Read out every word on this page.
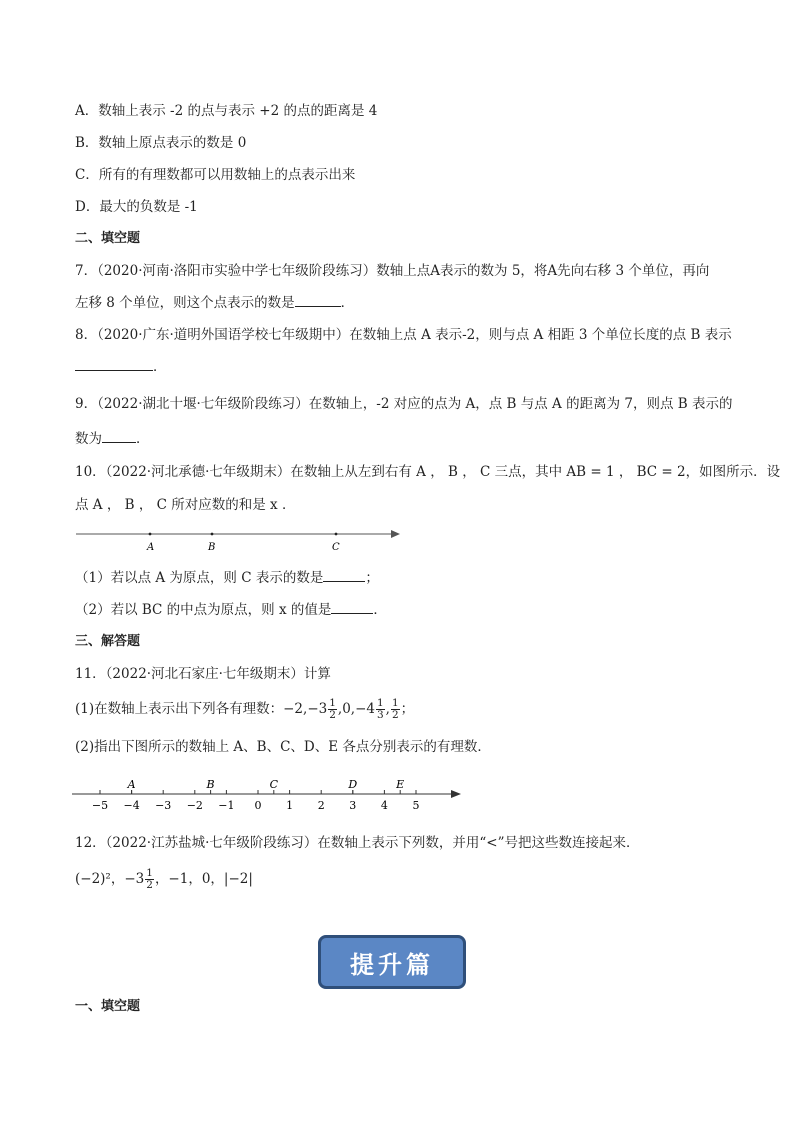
A．数轴上表示 -2 的点与表示 +2 的点的距离是 4
B．数轴上原点表示的数是 0
C．所有的有理数都可以用数轴上的点表示出来
D．最大的负数是 -1
二、填空题
7．（2020·河南·洛阳市实验中学七年级阶段练习）数轴上点A表示的数为 5，将A先向右移 3 个单位，再向
左移 8 个单位，则这个点表示的数是	．
8．（2020·广东·道明外国语学校七年级期中）在数轴上点 A 表示-2，则与点 A 相距 3 个单位长度的点 B 表示
．
9．（2022·湖北十堰·七年级阶段练习）在数轴上，-2 对应的点为 A，点 B 与点 A 的距离为 7，则点 B 表示的
数为	．
10．（2022·河北承德·七年级期末）在数轴上从左到右有 A ， B ， C 三点，其中 AB = 1 ， BC = 2，如图所示．设
点 A ， B ， C 所对应数的和是 x ．
A	B	C
（1）若以点 A 为原点，则 C 表示的数是	；
（2）若以 BC 的中点为原点，则 x 的值是	．
三、解答题
11．（2022·河北石家庄·七年级期末）计算
(1)在数轴上表示出下列各有理数：$-2,-3 \frac{1}{2} ,0,-4 \frac{1}{3}$ , $\frac{1}{2}$ ；
(2)指出下图所示的数轴上 A、B、C、D、E 各点分别表示的有理数．
−5 −4 −3 −2 −1 0 1 2 3 4 5
A	B	C	D	E
12．（2022·江苏盐城·七年级阶段练习）在数轴上表示下列数，并用“<”号把这些数连接起来．
(−2)²，$-3 \frac{1}{2}$ ，−1，0，|−2|
提升篇
一、填空题
